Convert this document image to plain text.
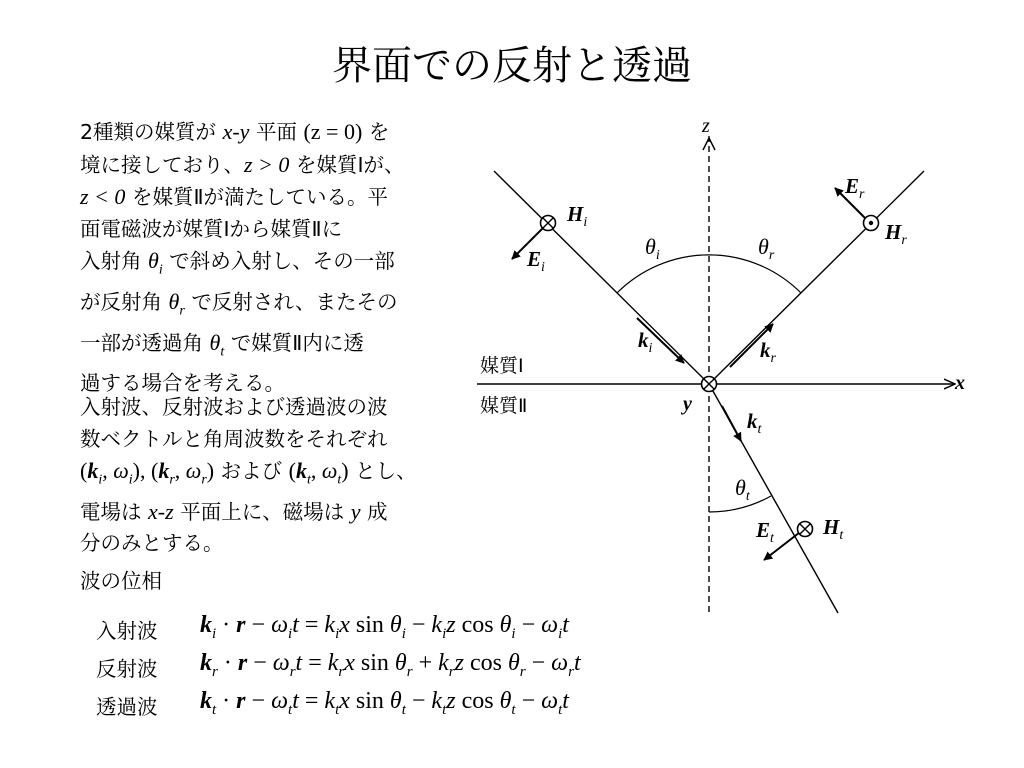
界面での反射と透過
2種類の媒質が x-y 平面 (z = 0) を
境に接しており、z > 0 を媒質Ⅰが、
z < 0 を媒質Ⅱが満たしている。平
面電磁波が媒質Ⅰから媒質Ⅱに
入射角 $\theta_i$ で斜め入射し、その一部
が反射角 $\theta_r$ で反射され、またその
一部が透過角 $\theta_t$ で媒質Ⅱ内に透
過する場合を考える。
入射波、反射波および透過波の波
数ベクトルと角周波数をそれぞれ
($k_i$, $\omega_i$), ($k_r$, $\omega_r$) および ($k_t$, $\omega_t$) とし、
電場は x-z 平面上に、磁場は y 成
分のみとする。
波の位相
入射波 $k_i \cdot r - \omega_it = k_ix$ $\sin \theta_i - k_iz$ $\cos \theta_i - \omega_it$
反射波 $k_r \cdot r - \omega_rt = k_rx$ $\sin \theta_r + k_rz$ $\cos \theta_r - \omega_rt$
透過波 $k_t \cdot r - \omega_tt = k_tx$ $\sin \theta_t - k_tz$ $\cos \theta_t - \omega_tt$
z
x
y
媒質Ⅰ
媒質Ⅱ
$\theta_i$	$\theta_r$
$\theta_t$
$H_i$
$E_i$
$E_r$
$H_r$
$k_i$	$k_r$
$k_t$
$E_t$ $H_t$
